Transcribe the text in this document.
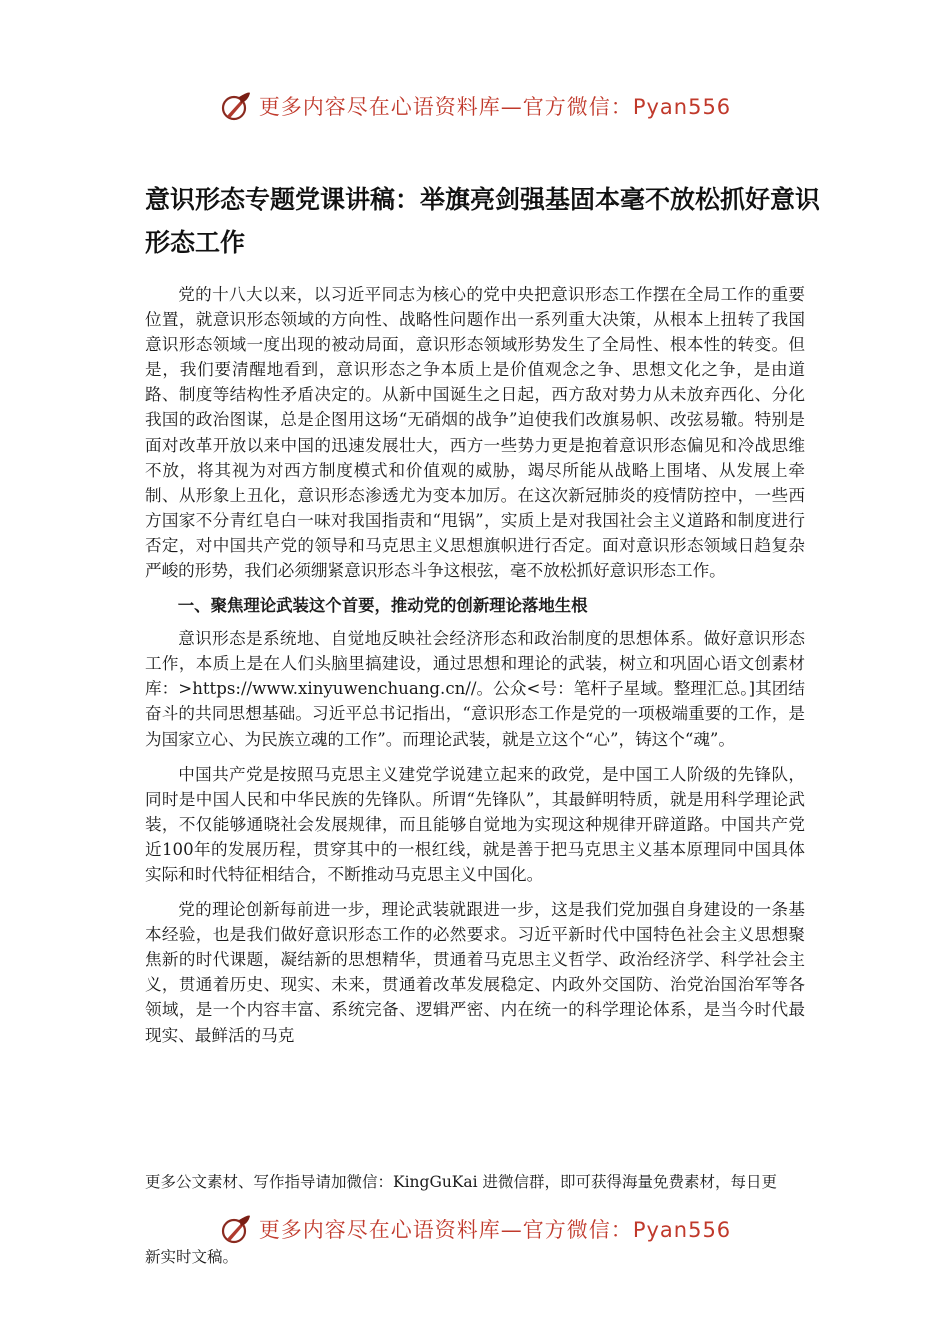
更多内容尽在心语资料库—官方微信：Pyan556
意识形态专题党课讲稿：举旗亮剑强基固本毫不放松抓好意识形态工作

党的十八大以来，以习近平同志为核心的党中央把意识形态工作摆在全局工作的重要位置，就意识形态领域的方向性、战略性问题作出一系列重大决策，从根本上扭转了我国意识形态领域一度出现的被动局面，意识形态领域形势发生了全局性、根本性的转变。但是，我们要清醒地看到，意识形态之争本质上是价值观念之争、思想文化之争，是由道路、制度等结构性矛盾决定的。从新中国诞生之日起，西方敌对势力从未放弃西化、分化我国的政治图谋，总是企图用这场“无硝烟的战争”迫使我们改旗易帜、改弦易辙。特别是面对改革开放以来中国的迅速发展壮大，西方一些势力更是抱着意识形态偏见和冷战思维不放，将其视为对西方制度模式和价值观的威胁，竭尽所能从战略上围堵、从发展上牵制、从形象上丑化，意识形态渗透尤为变本加厉。在这次新冠肺炎的疫情防控中，一些西方国家不分青红皂白一味对我国指责和“甩锅”，实质上是对我国社会主义道路和制度进行否定，对中国共产党的领导和马克思主义思想旗帜进行否定。面对意识形态领域日趋复杂严峻的形势，我们必须绷紧意识形态斗争这根弦，毫不放松抓好意识形态工作。

一、聚焦理论武装这个首要，推动党的创新理论落地生根

意识形态是系统地、自觉地反映社会经济形态和政治制度的思想体系。做好意识形态工作，本质上是在人们头脑里搞建设，通过思想和理论的武装，树立和巩固心语文创素材库：>https://www.xinyuwenchuang.cn//。公众<号：笔杆子星域。整理汇总。]其团结奋斗的共同思想基础。习近平总书记指出，“意识形态工作是党的一项极端重要的工作，是为国家立心、为民族立魂的工作”。而理论武装，就是立这个“心”，铸这个“魂”。

中国共产党是按照马克思主义建党学说建立起来的政党，是中国工人阶级的先锋队，同时是中国人民和中华民族的先锋队。所谓“先锋队”，其最鲜明特质，就是用科学理论武装，不仅能够通晓社会发展规律，而且能够自觉地为实现这种规律开辟道路。中国共产党近100年的发展历程，贯穿其中的一根红线，就是善于把马克思主义基本原理同中国具体实际和时代特征相结合，不断推动马克思主义中国化。

党的理论创新每前进一步，理论武装就跟进一步，这是我们党加强自身建设的一条基本经验，也是我们做好意识形态工作的必然要求。习近平新时代中国特色社会主义思想聚焦新的时代课题，凝结新的思想精华，贯通着马克思主义哲学、政治经济学、科学社会主义，贯通着历史、现实、未来，贯通着改革发展稳定、内政外交国防、治党治国治军等各领域，是一个内容丰富、系统完备、逻辑严密、内在统一的科学理论体系，是当今时代最现实、最鲜活的马克

更多公文素材、写作指导请加微信：KingGuKai 进微信群，即可获得海量免费素材，每日更
更多内容尽在心语资料库—官方微信：Pyan556
新实时文稿。
